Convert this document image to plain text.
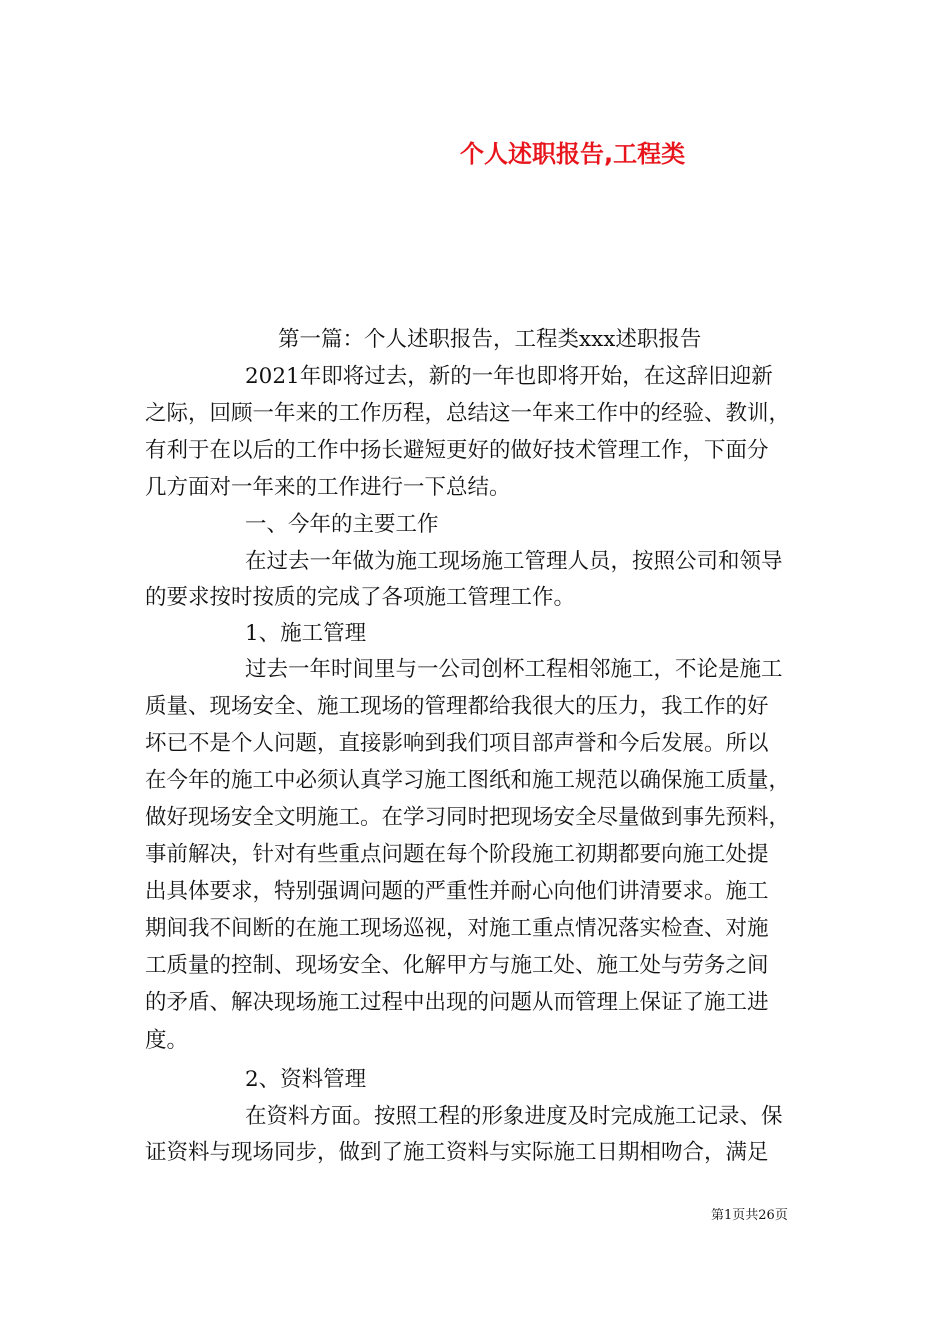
个人述职报告,工程类
第一篇：个人述职报告，工程类xxx述职报告
2021年即将过去，新的一年也即将开始，在这辞旧迎新
之际，回顾一年来的工作历程，总结这一年来工作中的经验、教训，
有利于在以后的工作中扬长避短更好的做好技术管理工作，下面分
几方面对一年来的工作进行一下总结。
一、今年的主要工作
在过去一年做为施工现场施工管理人员，按照公司和领导
的要求按时按质的完成了各项施工管理工作。
1、施工管理
过去一年时间里与一公司创杯工程相邻施工，不论是施工
质量、现场安全、施工现场的管理都给我很大的压力，我工作的好
坏已不是个人问题，直接影响到我们项目部声誉和今后发展。所以
在今年的施工中必须认真学习施工图纸和施工规范以确保施工质量，
做好现场安全文明施工。在学习同时把现场安全尽量做到事先预料，
事前解决，针对有些重点问题在每个阶段施工初期都要向施工处提
出具体要求，特别强调问题的严重性并耐心向他们讲清要求。施工
期间我不间断的在施工现场巡视，对施工重点情况落实检查、对施
工质量的控制、现场安全、化解甲方与施工处、施工处与劳务之间
的矛盾、解决现场施工过程中出现的问题从而管理上保证了施工进
度。
2、资料管理
在资料方面。按照工程的形象进度及时完成施工记录、保
证资料与现场同步，做到了施工资料与实际施工日期相吻合，满足
第1页共26页
